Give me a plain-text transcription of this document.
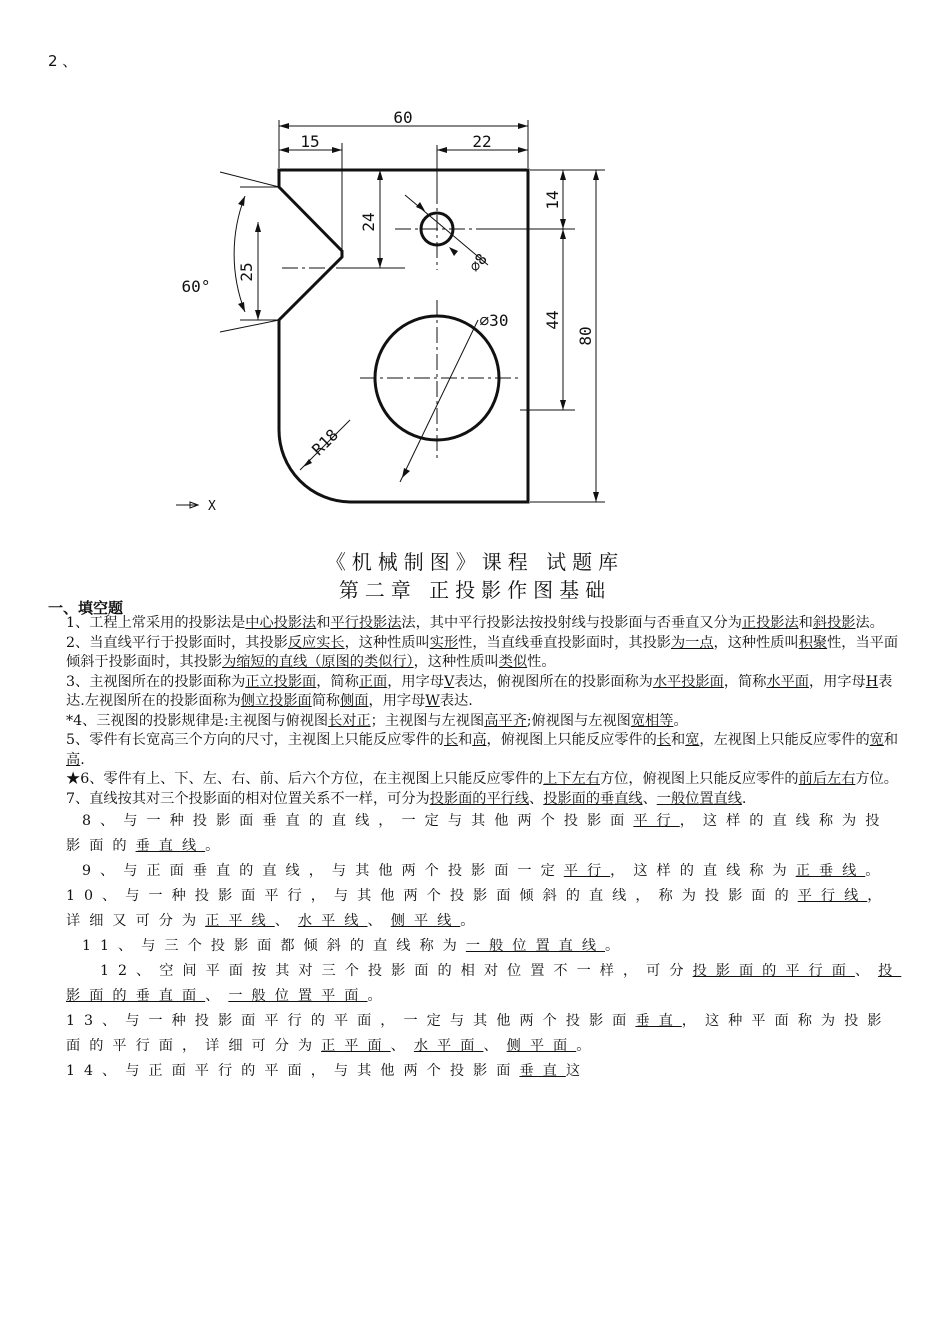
2 、
60
15	22
24
25
14
44
80
∅8
∅30
R18
60°
X
《机械制图》课程 试题库
第二章 正投影作图基础
一、填空题

1、工程上常采用的投影法是中心投影法和平行投影法法，其中平行投影法按投射线与投影面与否垂直又分为正投影法和斜投影法。

2、当直线平行于投影面时，其投影反应实长，这种性质叫实形性，当直线垂直投影面时，其投影为一点，这种性质叫积聚性，当平面倾斜于投影面时，其投影为缩短的直线（原图的类似行），这种性质叫类似性。

3、主视图所在的投影面称为正立投影面，简称正面，用字母V表达，俯视图所在的投影面称为水平投影面，简称水平面，用字母H表达.左视图所在的投影面称为侧立投影面简称侧面，用字母W表达.

*4、三视图的投影规律是:主视图与俯视图长对正；主视图与左视图高平齐;俯视图与左视图宽相等。

5、零件有长宽高三个方向的尺寸，主视图上只能反应零件的长和高，俯视图上只能反应零件的长和宽，左视图上只能反应零件的宽和高.

★6、零件有上、下、左、右、前、后六个方位，在主视图上只能反应零件的上下左右方位，俯视图上只能反应零件的前后左右方位。

7、直线按其对三个投影面的相对位置关系不一样，可分为投影面的平行线、投影面的垂直线、一般位置直线.

8、与一种投影面垂直的直线，一定与其他两个投影面平行，这样的直线称为投影面的垂直线。

9、与正面垂直的直线，与其他两个投影面一定平行，这样的直线称为正垂线。

10、与一种投影面平行，与其他两个投影面倾斜的直线，称为投影面的平行线，详细又可分为正平线、水平线、侧平线。

11、与三个投影面都倾斜的直线称为一般位置直线。

12、空间平面按其对三个投影面的相对位置不一样，可分投影面的平行面、投影面的垂直面、一般位置平面。

13、与一种投影面平行的平面，一定与其他两个投影面垂直，这种平面称为投影面的平行面，详细可分为正平面、水平面、侧平面。

14、与正面平行的平面，与其他两个投影面垂直这
